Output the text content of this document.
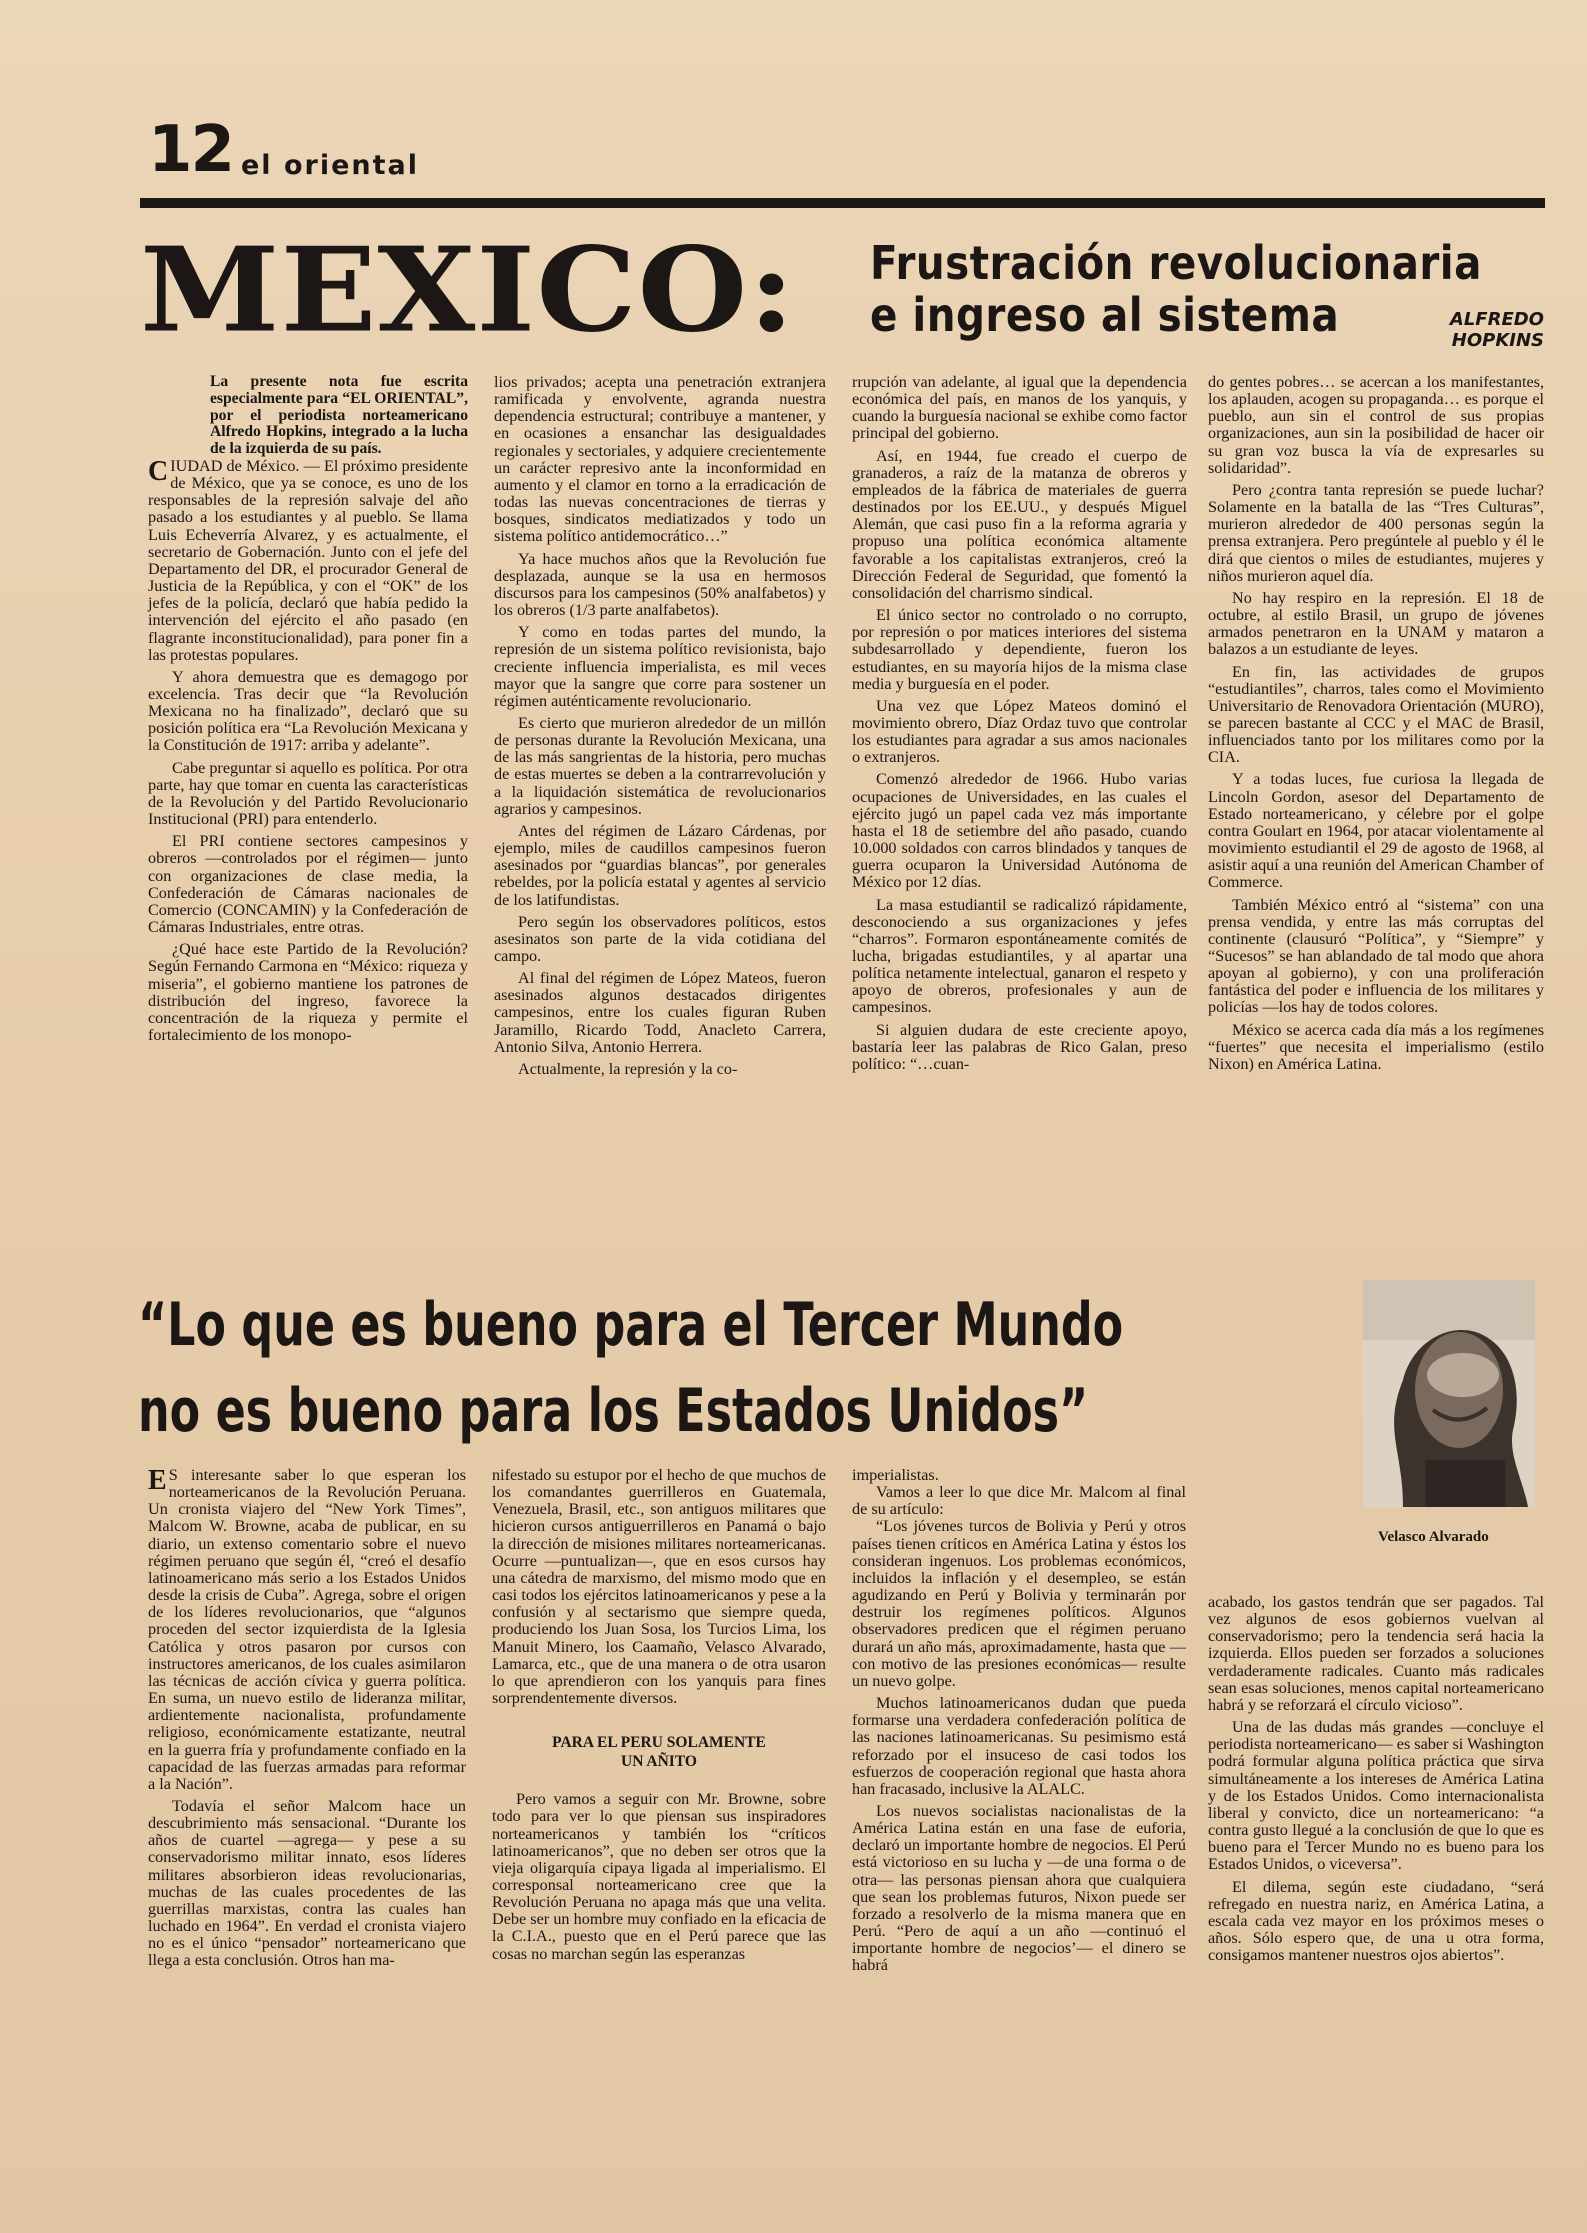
12 el oriental
MEXICO: Frustración revolucionaria
e ingreso al sistema	ALFREDO
HOPKINS

La presente nota fue escrita especialmente para “EL ORIENTAL”, por el periodista norteamericano Alfredo Hopkins, integrado a la lucha de la izquierda de su país.

C IUDAD de México. — El próximo presidente de México, que ya se conoce, es uno de los responsables de la represión salvaje del año pasado a los estudiantes y al pueblo. Se llama Luis Echeverría Alvarez, y es actualmente, el secretario de Gobernación. Junto con el jefe del Departamento del DR, el procurador General de Justicia de la República, y con el “OK” de los jefes de la policía, declaró que había pedido la intervención del ejército el año pasado (en flagrante inconstitucionalidad), para poner fin a las protestas populares.

Y ahora demuestra que es demagogo por excelencia. Tras decir que “la Revolución Mexicana no ha finalizado”, declaró que su posición política era “La Revolución Mexicana y la Constitución de 1917: arriba y adelante”.

Cabe preguntar si aquello es política. Por otra parte, hay que tomar en cuenta las características de la Revolución y del Partido Revolucionario Institucional (PRI) para entenderlo.

El PRI contiene sectores campesinos y obreros —controlados por el régimen— junto con organizaciones de clase media, la Confederación de Cámaras nacionales de Comercio (CONCAMIN) y la Confederación de Cámaras Industriales, entre otras.

¿Qué hace este Partido de la Revolución? Según Fernando Carmona en “México: riqueza y miseria”, el gobierno mantiene los patrones de distribución del ingreso, favorece la concentración de la riqueza y permite el fortalecimiento de los monopo-

lios privados; acepta una penetración extranjera ramificada y envolvente, agranda nuestra dependencia estructural; contribuye a mantener, y en ocasiones a ensanchar las desigualdades regionales y sectoriales, y adquiere crecientemente un carácter represivo ante la inconformidad en aumento y el clamor en torno a la erradicación de todas las nuevas concentraciones de tierras y bosques, sindicatos mediatizados y todo un sistema político antidemocrático…”

Ya hace muchos años que la Revolución fue desplazada, aunque se la usa en hermosos discursos para los campesinos (50% analfabetos) y los obreros (1/3 parte analfabetos).

Y como en todas partes del mundo, la represión de un sistema político revisionista, bajo creciente influencia imperialista, es mil veces mayor que la sangre que corre para sostener un régimen auténticamente revolucionario.

Es cierto que murieron alrededor de un millón de personas durante la Revolución Mexicana, una de las más sangrientas de la historia, pero muchas de estas muertes se deben a la contrarrevolución y a la liquidación sistemática de revolucionarios agrarios y campesinos.

Antes del régimen de Lázaro Cárdenas, por ejemplo, miles de caudillos campesinos fueron asesinados por “guardias blancas”, por generales rebeldes, por la policía estatal y agentes al servicio de los latifundistas.

Pero según los observadores políticos, estos asesinatos son parte de la vida cotidiana del campo.

Al final del régimen de López Mateos, fueron asesinados algunos destacados dirigentes campesinos, entre los cuales figuran Ruben Jaramillo, Ricardo Todd, Anacleto Carrera, Antonio Silva, Antonio Herrera.

Actualmente, la represión y la co-

rrupción van adelante, al igual que la dependencia económica del país, en manos de los yanquis, y cuando la burguesía nacional se exhibe como factor principal del gobierno.

Así, en 1944, fue creado el cuerpo de granaderos, a raíz de la matanza de obreros y empleados de la fábrica de materiales de guerra destinados por los EE.UU., y después Miguel Alemán, que casi puso fin a la reforma agraria y propuso una política económica altamente favorable a los capitalistas extranjeros, creó la Dirección Federal de Seguridad, que fomentó la consolidación del charrismo sindical.

El único sector no controlado o no corrupto, por represión o por matices interiores del sistema subdesarrollado y dependiente, fueron los estudiantes, en su mayoría hijos de la misma clase media y burguesía en el poder.

Una vez que López Mateos dominó el movimiento obrero, Díaz Ordaz tuvo que controlar los estudiantes para agradar a sus amos nacionales o extranjeros.

Comenzó alrededor de 1966. Hubo varias ocupaciones de Universidades, en las cuales el ejército jugó un papel cada vez más importante hasta el 18 de setiembre del año pasado, cuando 10.000 soldados con carros blindados y tanques de guerra ocuparon la Universidad Autónoma de México por 12 días.

La masa estudiantil se radicalizó rápidamente, desconociendo a sus organizaciones y jefes “charros”. Formaron espontáneamente comités de lucha, brigadas estudiantiles, y al apartar una política netamente intelectual, ganaron el respeto y apoyo de obreros, profesionales y aun de campesinos.

Si alguien dudara de este creciente apoyo, bastaría leer las palabras de Rico Galan, preso político: “…cuan-

do gentes pobres… se acercan a los manifestantes, los aplauden, acogen su propaganda… es porque el pueblo, aun sin el control de sus propias organizaciones, aun sin la posibilidad de hacer oir su gran voz busca la vía de expresarles su solidaridad”.

Pero ¿contra tanta represión se puede luchar? Solamente en la batalla de las “Tres Culturas”, murieron alrededor de 400 personas según la prensa extranjera. Pero pregúntele al pueblo y él le dirá que cientos o miles de estudiantes, mujeres y niños murieron aquel día.

No hay respiro en la represión. El 18 de octubre, al estilo Brasil, un grupo de jóvenes armados penetraron en la UNAM y mataron a balazos a un estudiante de leyes.

En fin, las actividades de grupos “estudiantiles”, charros, tales como el Movimiento Universitario de Renovadora Orientación (MURO), se parecen bastante al CCC y el MAC de Brasil, influenciados tanto por los militares como por la CIA.

Y a todas luces, fue curiosa la llegada de Lincoln Gordon, asesor del Departamento de Estado norteamericano, y célebre por el golpe contra Goulart en 1964, por atacar violentamente al movimiento estudiantil el 29 de agosto de 1968, al asistir aquí a una reunión del American Chamber of Commerce.

También México entró al “sistema” con una prensa vendida, y entre las más corruptas del continente (clausuró “Política”, y “Siempre” y “Sucesos” se han ablandado de tal modo que ahora apoyan al gobierno), y con una proliferación fantástica del poder e influencia de los militares y policías —los hay de todos colores.

México se acerca cada día más a los regímenes “fuertes” que necesita el imperialismo (estilo Nixon) en América Latina.

“Lo que es bueno para el Tercer Mundo
no es bueno para los Estados Unidos”
Velasco Alvarado
E S interesante saber lo que esperan los norteamericanos de la Revolución Peruana. Un cronista viajero del “New York Times”, Malcom W. Browne, acaba de publicar, en su diario, un extenso comentario sobre el nuevo régimen peruano que según él, “creó el desafío latinoamericano más serio a los Estados Unidos desde la crisis de Cuba”. Agrega, sobre el origen de los líderes revolucionarios, que “algunos proceden del sector izquierdista de la Iglesia Católica y otros pasaron por cursos con instructores americanos, de los cuales asimilaron las técnicas de acción cívica y guerra política. En suma, un nuevo estilo de lideranza militar, ardientemente nacionalista, profundamente religioso, económicamente estatizante, neutral en la guerra fría y profundamente confiado en la capacidad de las fuerzas armadas para reformar a la Nación”.

Todavía el señor Malcom hace un descubrimiento más sensacional. “Durante los años de cuartel —agrega— y pese a su conservadorismo militar innato, esos líderes militares absorbieron ideas revolucionarias, muchas de las cuales procedentes de las guerrillas marxistas, contra las cuales han luchado en 1964”. En verdad el cronista viajero no es el único “pensador” norteamericano que llega a esta conclusión. Otros han ma-

nifestado su estupor por el hecho de que muchos de los comandantes guerrilleros en Guatemala, Venezuela, Brasil, etc., son antiguos militares que hicieron cursos antiguerrilleros en Panamá o bajo la dirección de misiones militares norteamericanas. Ocurre —puntualizan—, que en esos cursos hay una cátedra de marxismo, del mismo modo que en casi todos los ejércitos latinoamericanos y pese a la confusión y al sectarismo que siempre queda, produciendo los Juan Sosa, los Turcios Lima, los Manuit Minero, los Caamaño, Velasco Alvarado, Lamarca, etc., que de una manera o de otra usaron lo que aprendieron con los yanquis para fines sorprendentemente diversos.

PARA EL PERU SOLAMENTE
UN AÑITO

Pero vamos a seguir con Mr. Browne, sobre todo para ver lo que piensan sus inspiradores norteamericanos y también los “críticos latinoamericanos”, que no deben ser otros que la vieja oligarquía cipaya ligada al imperialismo. El corresponsal norteamericano cree que la Revolución Peruana no apaga más que una velita. Debe ser un hombre muy confiado en la eficacia de la C.I.A., puesto que en el Perú parece que las cosas no marchan según las esperanzas

imperialistas.

Vamos a leer lo que dice Mr. Malcom al final de su artículo:

“Los jóvenes turcos de Bolivia y Perú y otros países tienen críticos en América Latina y éstos los consideran ingenuos. Los problemas económicos, incluidos la inflación y el desempleo, se están agudizando en Perú y Bolivia y terminarán por destruir los regímenes políticos. Algunos observadores predicen que el régimen peruano durará un año más, aproximadamente, hasta que —con motivo de las presiones económicas— resulte un nuevo golpe.

Muchos latinoamericanos dudan que pueda formarse una verdadera confederación política de las naciones latinoamericanas. Su pesimismo está reforzado por el insuceso de casi todos los esfuerzos de cooperación regional que hasta ahora han fracasado, inclusive la ALALC.

Los nuevos socialistas nacionalistas de la América Latina están en una fase de euforia, declaró un importante hombre de negocios. El Perú está victorioso en su lucha y —de una forma o de otra— las personas piensan ahora que cualquiera que sean los problemas futuros, Nixon puede ser forzado a resolverlo de la misma manera que en Perú. “Pero de aquí a un año —continuó el importante hombre de negocios’— el dinero se habrá

acabado, los gastos tendrán que ser pagados. Tal vez algunos de esos gobiernos vuelvan al conservadorismo; pero la tendencia será hacia la izquierda. Ellos pueden ser forzados a soluciones verdaderamente radicales. Cuanto más radicales sean esas soluciones, menos capital norteamericano habrá y se reforzará el círculo vicioso”.

Una de las dudas más grandes —concluye el periodista norteamericano— es saber si Washington podrá formular alguna política práctica que sirva simultáneamente a los intereses de América Latina y de los Estados Unidos. Como internacionalista liberal y convicto, dice un norteamericano: “a contra gusto llegué a la conclusión de que lo que es bueno para el Tercer Mundo no es bueno para los Estados Unidos, o viceversa”.

El dilema, según este ciudadano, “será refregado en nuestra nariz, en América Latina, a escala cada vez mayor en los próximos meses o años. Sólo espero que, de una u otra forma, consigamos mantener nuestros ojos abiertos”.
